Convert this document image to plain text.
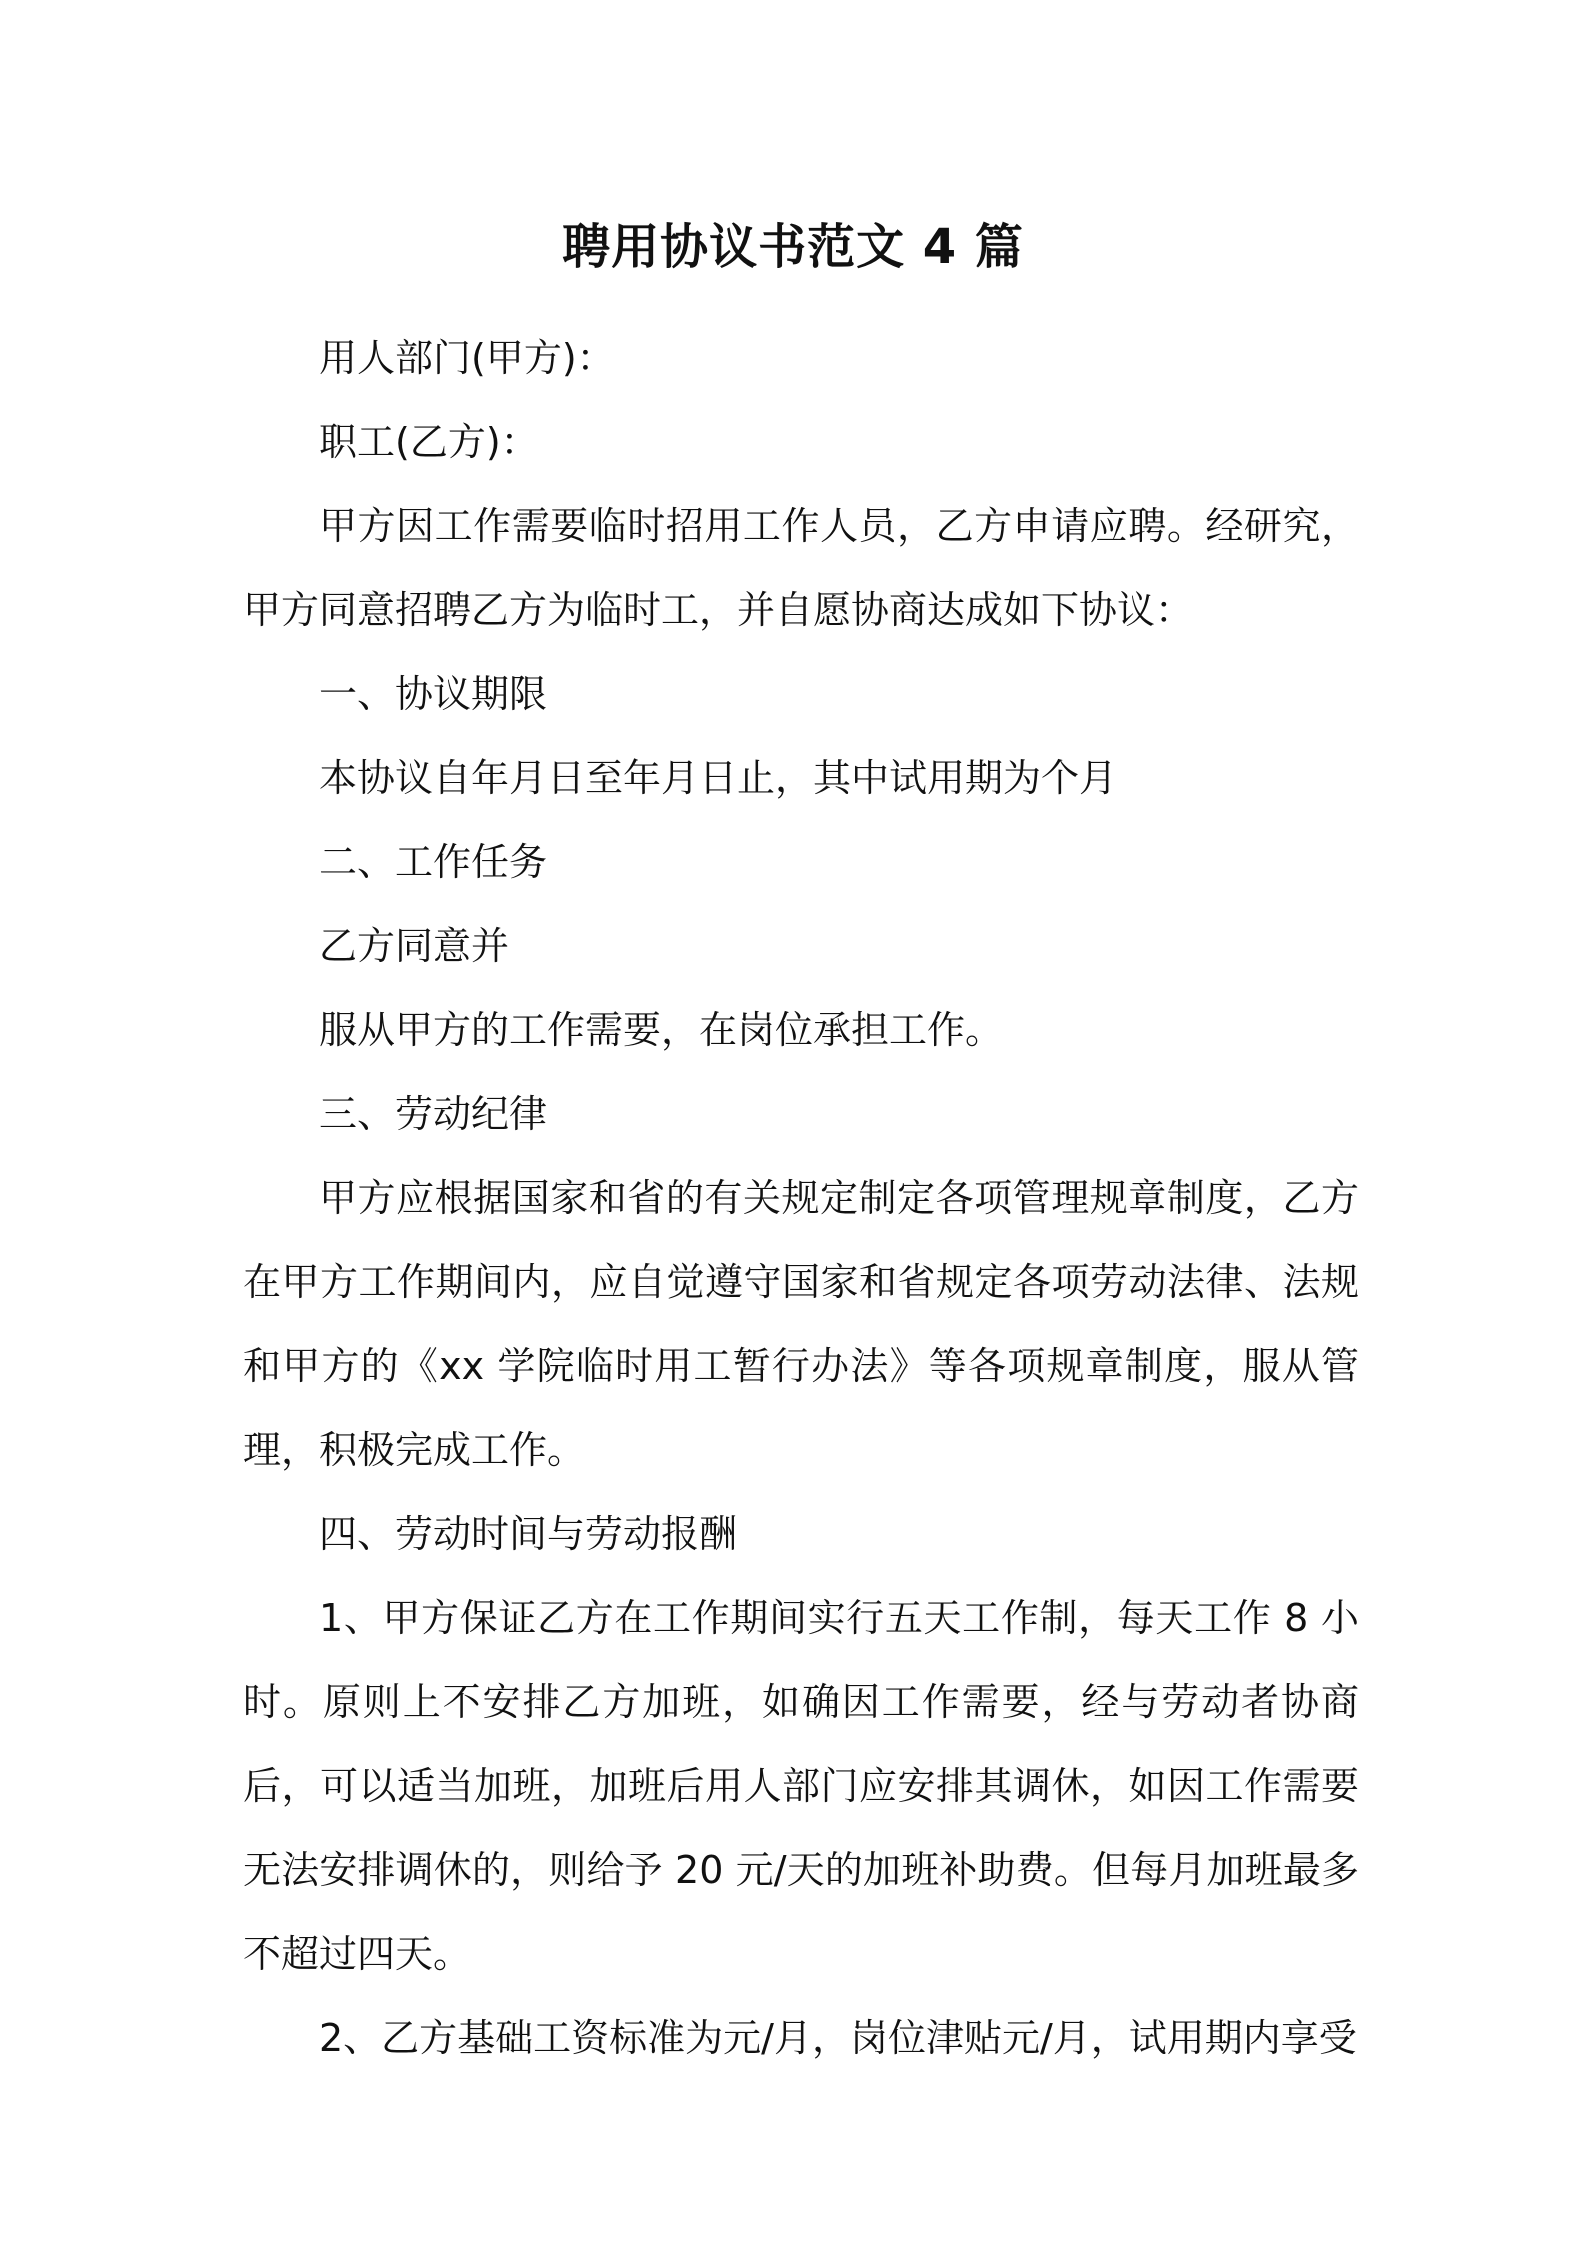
聘用协议书范文 4 篇

用人部门(甲方)：

职工(乙方)：

甲方因工作需要临时招用工作人员，乙方申请应聘。经研究，甲方同意招聘乙方为临时工，并自愿协商达成如下协议：

一、协议期限

本协议自年月日至年月日止，其中试用期为个月

二、工作任务

乙方同意并

服从甲方的工作需要，在岗位承担工作。

三、劳动纪律

甲方应根据国家和省的有关规定制定各项管理规章制度，乙方在甲方工作期间内，应自觉遵守国家和省规定各项劳动法律、法规和甲方的《xx 学院临时用工暂行办法》等各项规章制度，服从管理，积极完成工作。

四、劳动时间与劳动报酬

1、甲方保证乙方在工作期间实行五天工作制，每天工作 8 小时。原则上不安排乙方加班，如确因工作需要，经与劳动者协商后，可以适当加班，加班后用人部门应安排其调休，如因工作需要无法安排调休的，则给予 20 元/天的加班补助费。但每月加班最多不超过四天。

2、乙方基础工资标准为元/月，岗位津贴元/月，试用期内享受
